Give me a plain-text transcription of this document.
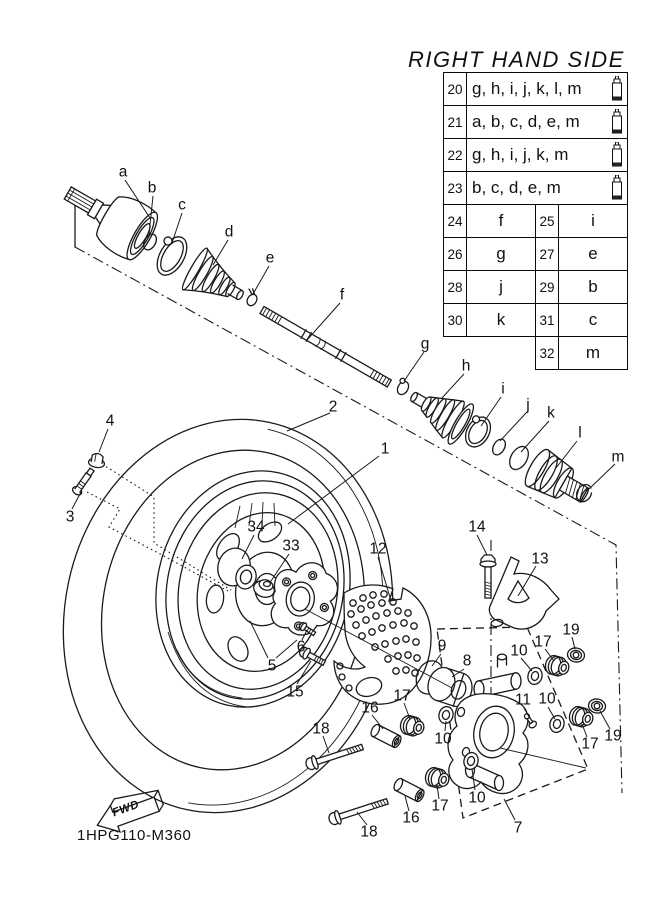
RIGHT HAND SIDE
1HPG110-M360
FWD
a
b
c
d
e
f
g
h
i
j k
l
m
1
2
3
4
5
6
7
8
9	10
10
10
10
11
12
13
14
15
16
16
17
17
17
17
18
18
19
19
33
34
20	g, h, i, j, k, l, m		

21	a, b, c, d, e, m		

22	g, h, i, j, k, m		

23	b, c, d, e, m		

24	f	25	i
26	g	27	e
28	j	29	b
30	k	31	c
		32	m
